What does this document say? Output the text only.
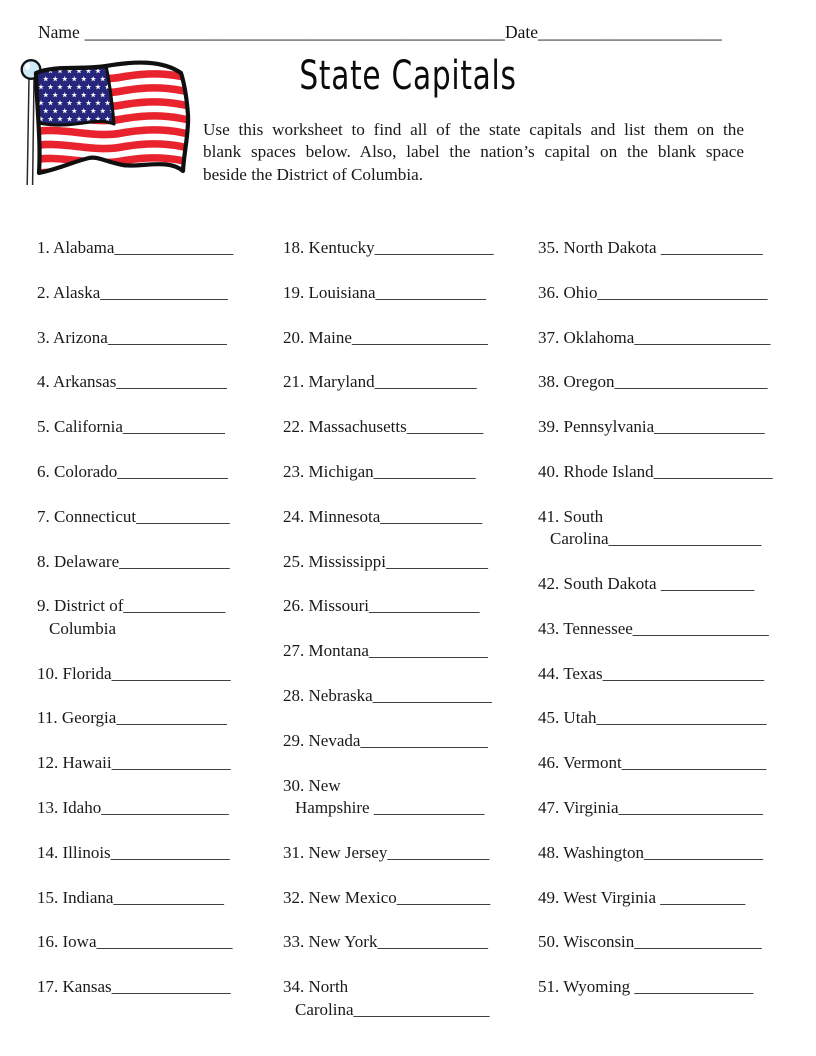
Name ________________________________________________ Date_____________________
State Capitals
Use this worksheet to find all of the state capitals and list them on the
blank spaces below. Also, label the nation’s capital on the blank space
beside the District of Columbia.
1. Alabama______________
2. Alaska_______________
3. Arizona______________
4. Arkansas_____________
5. California____________
6. Colorado_____________
7. Connecticut___________
8. Delaware_____________
9. District of____________
Columbia
10. Florida______________
11. Georgia_____________
12. Hawaii______________
13. Idaho_______________
14. Illinois______________
15. Indiana_____________
16. Iowa________________
17. Kansas______________
18. Kentucky______________
19. Louisiana_____________
20. Maine________________
21. Maryland____________
22. Massachusetts_________
23. Michigan____________
24. Minnesota____________
25. Mississippi____________
26. Missouri_____________
27. Montana______________
28. Nebraska______________
29. Nevada_______________
30. New
Hampshire _____________
31. New Jersey____________
32. New Mexico___________
33. New York_____________
34. North
Carolina________________
35. North Dakota ____________
36. Ohio____________________
37. Oklahoma________________
38. Oregon__________________
39. Pennsylvania_____________
40. Rhode Island______________
41. South
Carolina__________________
42. South Dakota ___________
43. Tennessee________________
44. Texas___________________
45. Utah____________________
46. Vermont_________________
47. Virginia_________________
48. Washington______________
49. West Virginia __________
50. Wisconsin_______________
51. Wyoming ______________
